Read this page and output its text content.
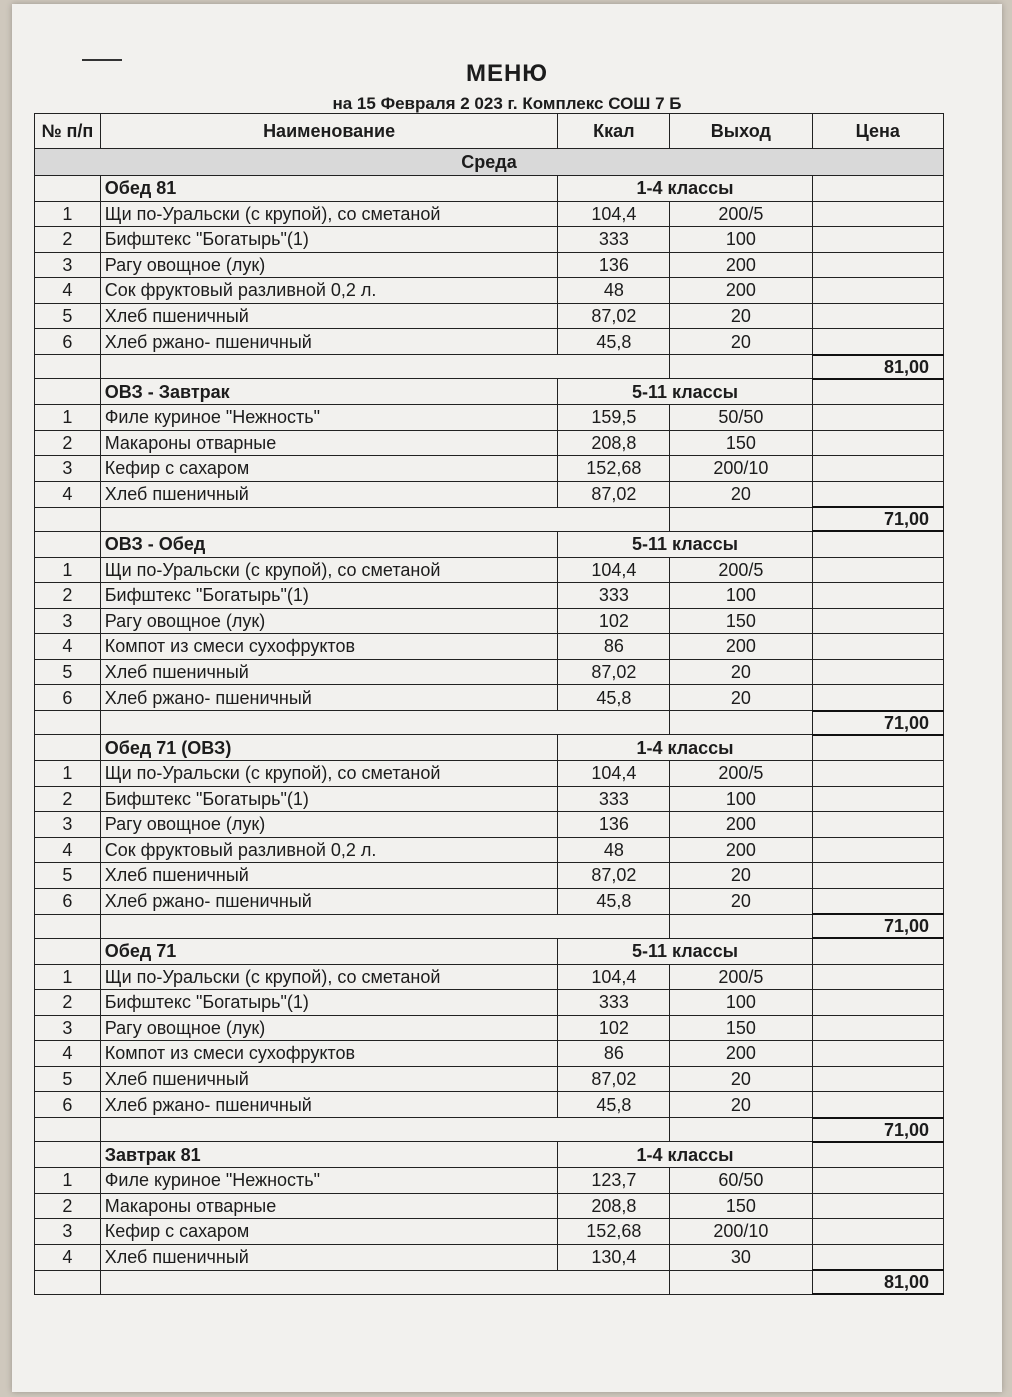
МЕНЮ
на 15 Февраля 2 023 г. Комплекс СОШ 7 Б
№ п/п	Наименование	Ккал	Выход	Цена
Среда				
	Обед 81	1-4 классы		
1	Щи по-Уральски (с крупой), со сметаной	104,4	200/5	
2	Бифштекс "Богатырь"(1)	333	100	
3	Рагу овощное (лук)	136	200	
4	Сок фруктовый разливной 0,2 л.	48	200	
5	Хлеб пшеничный	87,02	20	
6	Хлеб ржано- пшеничный	45,8	20	
				81,00
	ОВЗ - Завтрак	5-11 классы		
1	Филе куриное "Нежность"	159,5	50/50	
2	Макароны отварные	208,8	150	
3	Кефир с сахаром	152,68	200/10	
4	Хлеб пшеничный	87,02	20	
				71,00
	ОВЗ - Обед	5-11 классы		
1	Щи по-Уральски (с крупой), со сметаной	104,4	200/5	
2	Бифштекс "Богатырь"(1)	333	100	
3	Рагу овощное (лук)	102	150	
4	Компот из смеси сухофруктов	86	200	
5	Хлеб пшеничный	87,02	20	
6	Хлеб ржано- пшеничный	45,8	20	
				71,00
	Обед 71 (ОВЗ)	1-4 классы		
1	Щи по-Уральски (с крупой), со сметаной	104,4	200/5	
2	Бифштекс "Богатырь"(1)	333	100	
3	Рагу овощное (лук)	136	200	
4	Сок фруктовый разливной 0,2 л.	48	200	
5	Хлеб пшеничный	87,02	20	
6	Хлеб ржано- пшеничный	45,8	20	
				71,00
	Обед 71	5-11 классы		
1	Щи по-Уральски (с крупой), со сметаной	104,4	200/5	
2	Бифштекс "Богатырь"(1)	333	100	
3	Рагу овощное (лук)	102	150	
4	Компот из смеси сухофруктов	86	200	
5	Хлеб пшеничный	87,02	20	
6	Хлеб ржано- пшеничный	45,8	20	
				71,00
	Завтрак 81	1-4 классы		
1	Филе куриное "Нежность"	123,7	60/50	
2	Макароны отварные	208,8	150	
3	Кефир с сахаром	152,68	200/10	
4	Хлеб пшеничный	130,4	30	
				81,00
